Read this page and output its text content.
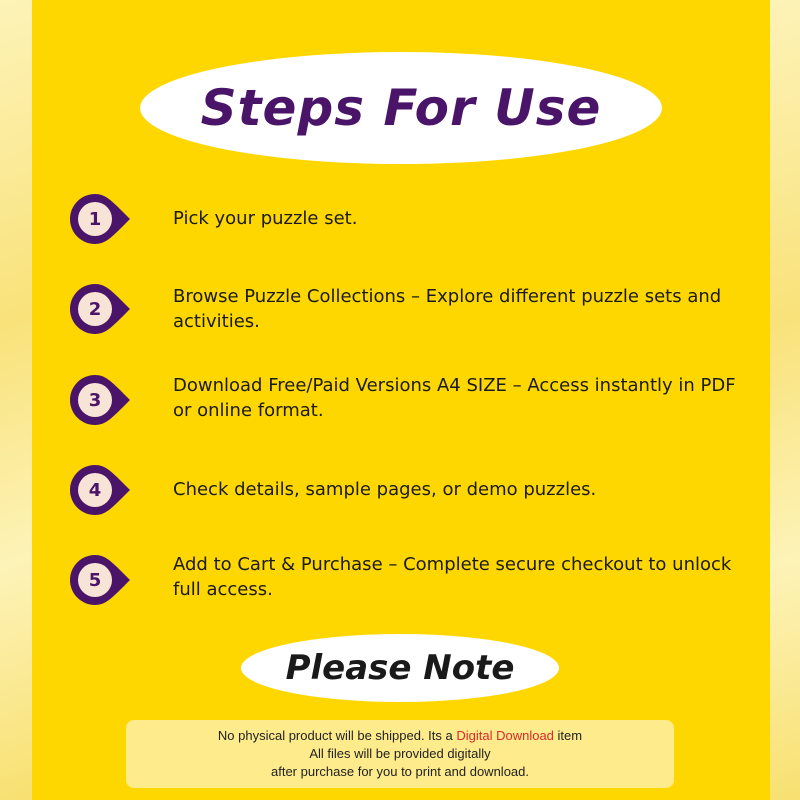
Steps For Use
1	Pick your puzzle set.
2
Browse Puzzle Collections – Explore different puzzle sets and activities.
3
Download Free/Paid Versions A4 SIZE – Access instantly in PDF or online format.
4	Check details, sample pages, or demo puzzles.
5
Add to Cart & Purchase – Complete secure checkout to unlock full access.
Please Note
No physical product will be shipped. Its a Digital Download item
All files will be provided digitally
after purchase for you to print and download.
